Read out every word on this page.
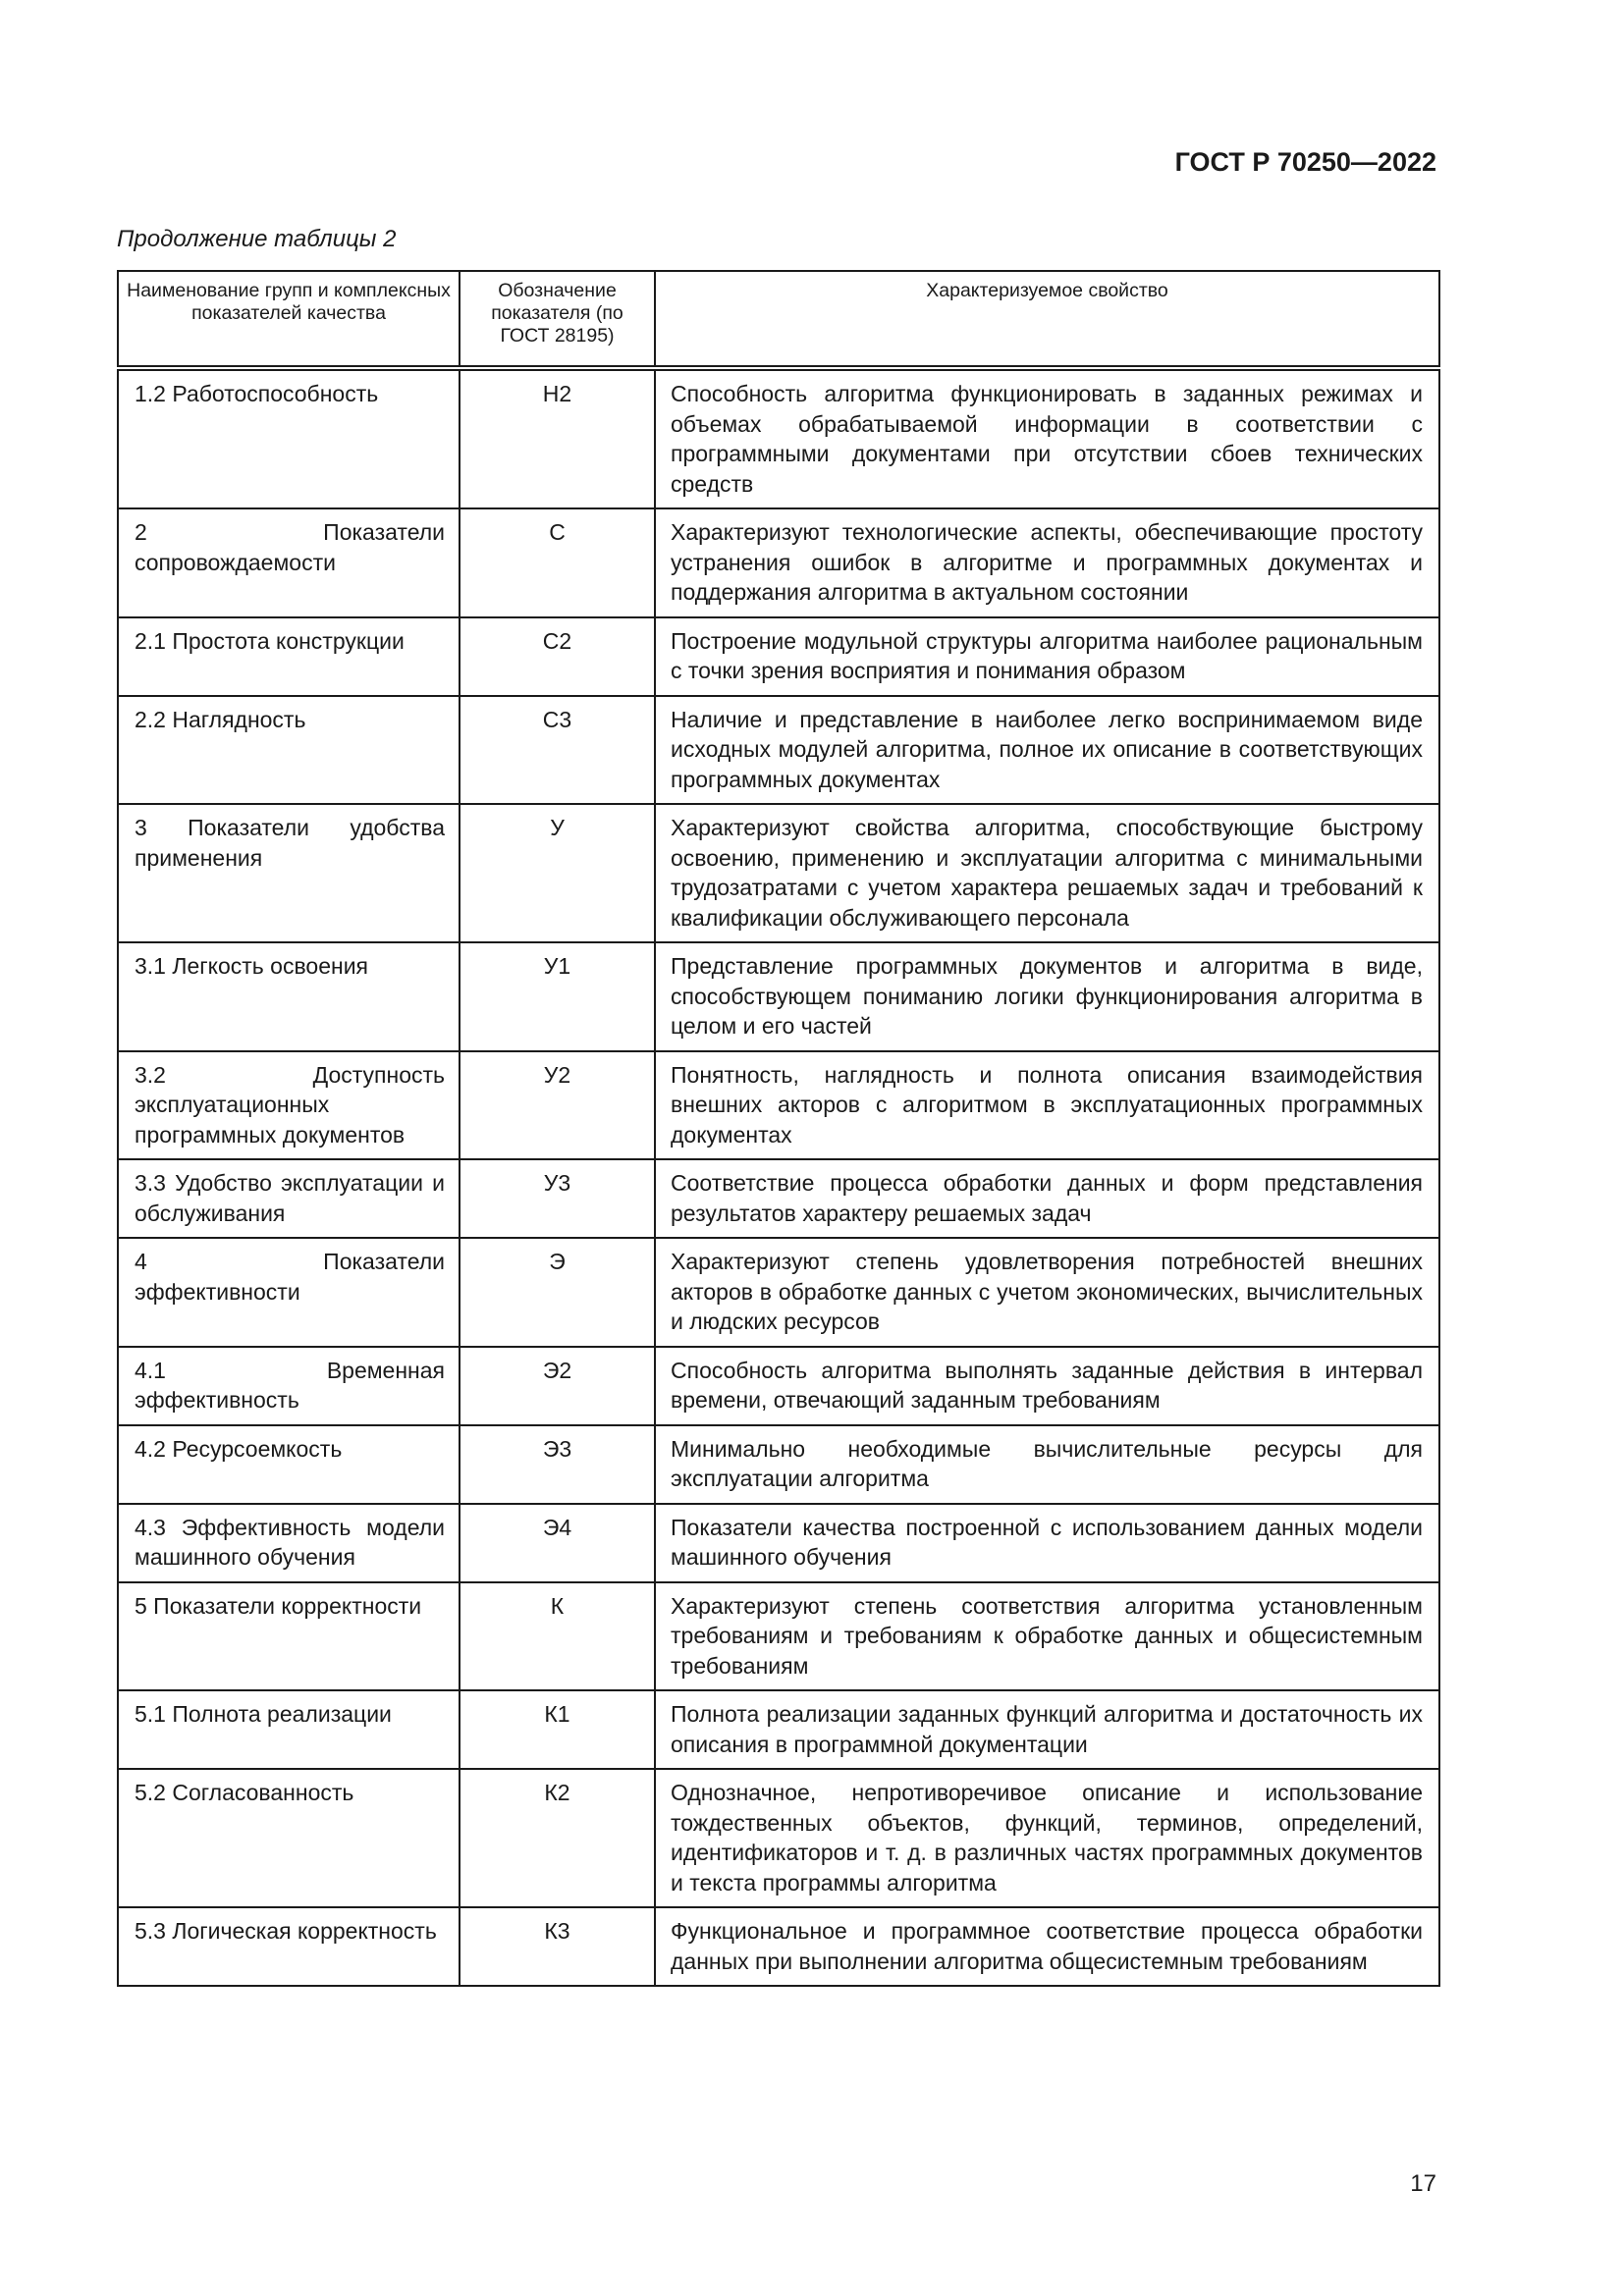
ГОСТ Р 70250—2022
Продолжение таблицы 2
Наименование групп и комплексных показателей качества	Обозначение показателя (по ГОСТ 28195)	Характеризуемое свойство
1.2 Работоспособность	Н2	Способность алгоритма функционировать в заданных режимах и объемах обрабатываемой информации в соответствии с программными документами при отсутствии сбоев технических средств
2 Показатели сопровождаемости	С	Характеризуют технологические аспекты, обеспечивающие простоту устранения ошибок в алгоритме и программных документах и поддержания алгоритма в актуальном состоянии
2.1 Простота конструкции	С2	Построение модульной структуры алгоритма наиболее рациональным с точки зрения восприятия и понимания образом
2.2 Наглядность	С3	Наличие и представление в наиболее легко воспринимаемом виде исходных модулей алгоритма, полное их описание в соответствующих программных документах
3 Показатели удобства применения	У	Характеризуют свойства алгоритма, способствующие быстрому освоению, применению и эксплуатации алгоритма с минимальными трудозатратами с учетом характера решаемых задач и требований к квалификации обслуживающего персонала
3.1 Легкость освоения	У1	Представление программных документов и алгоритма в виде, способствующем пониманию логики функционирования алгоритма в целом и его частей
3.2 Доступность эксплуатационных программных документов	У2	Понятность, наглядность и полнота описания взаимодействия внешних акторов с алгоритмом в эксплуатационных программных документах
3.3 Удобство эксплуатации и обслуживания	У3	Соответствие процесса обработки данных и форм представления результатов характеру решаемых задач
4 Показатели эффективности	Э	Характеризуют степень удовлетворения потребностей внешних акторов в обработке данных с учетом экономических, вычислительных и людских ресурсов
4.1 Временная эффективность	Э2	Способность алгоритма выполнять заданные действия в интервал времени, отвечающий заданным требованиям
4.2 Ресурсоемкость	Э3	Минимально необходимые вычислительные ресурсы для эксплуатации алгоритма
4.3 Эффективность модели машинного обучения	Э4	Показатели качества построенной с использованием данных модели машинного обучения
5 Показатели корректности	К	Характеризуют степень соответствия алгоритма установленным требованиям и требованиям к обработке данных и общесистемным требованиям
5.1 Полнота реализации	К1	Полнота реализации заданных функций алгоритма и достаточность их описания в программной документации
5.2 Согласованность	К2	Однозначное, непротиворечивое описание и использование тождественных объектов, функций, терминов, определений, идентификаторов и т. д. в различных частях программных документов и текста программы алгоритма
5.3 Логическая корректность	К3	Функциональное и программное соответствие процесса обработки данных при выполнении алгоритма общесистемным требованиям
17
